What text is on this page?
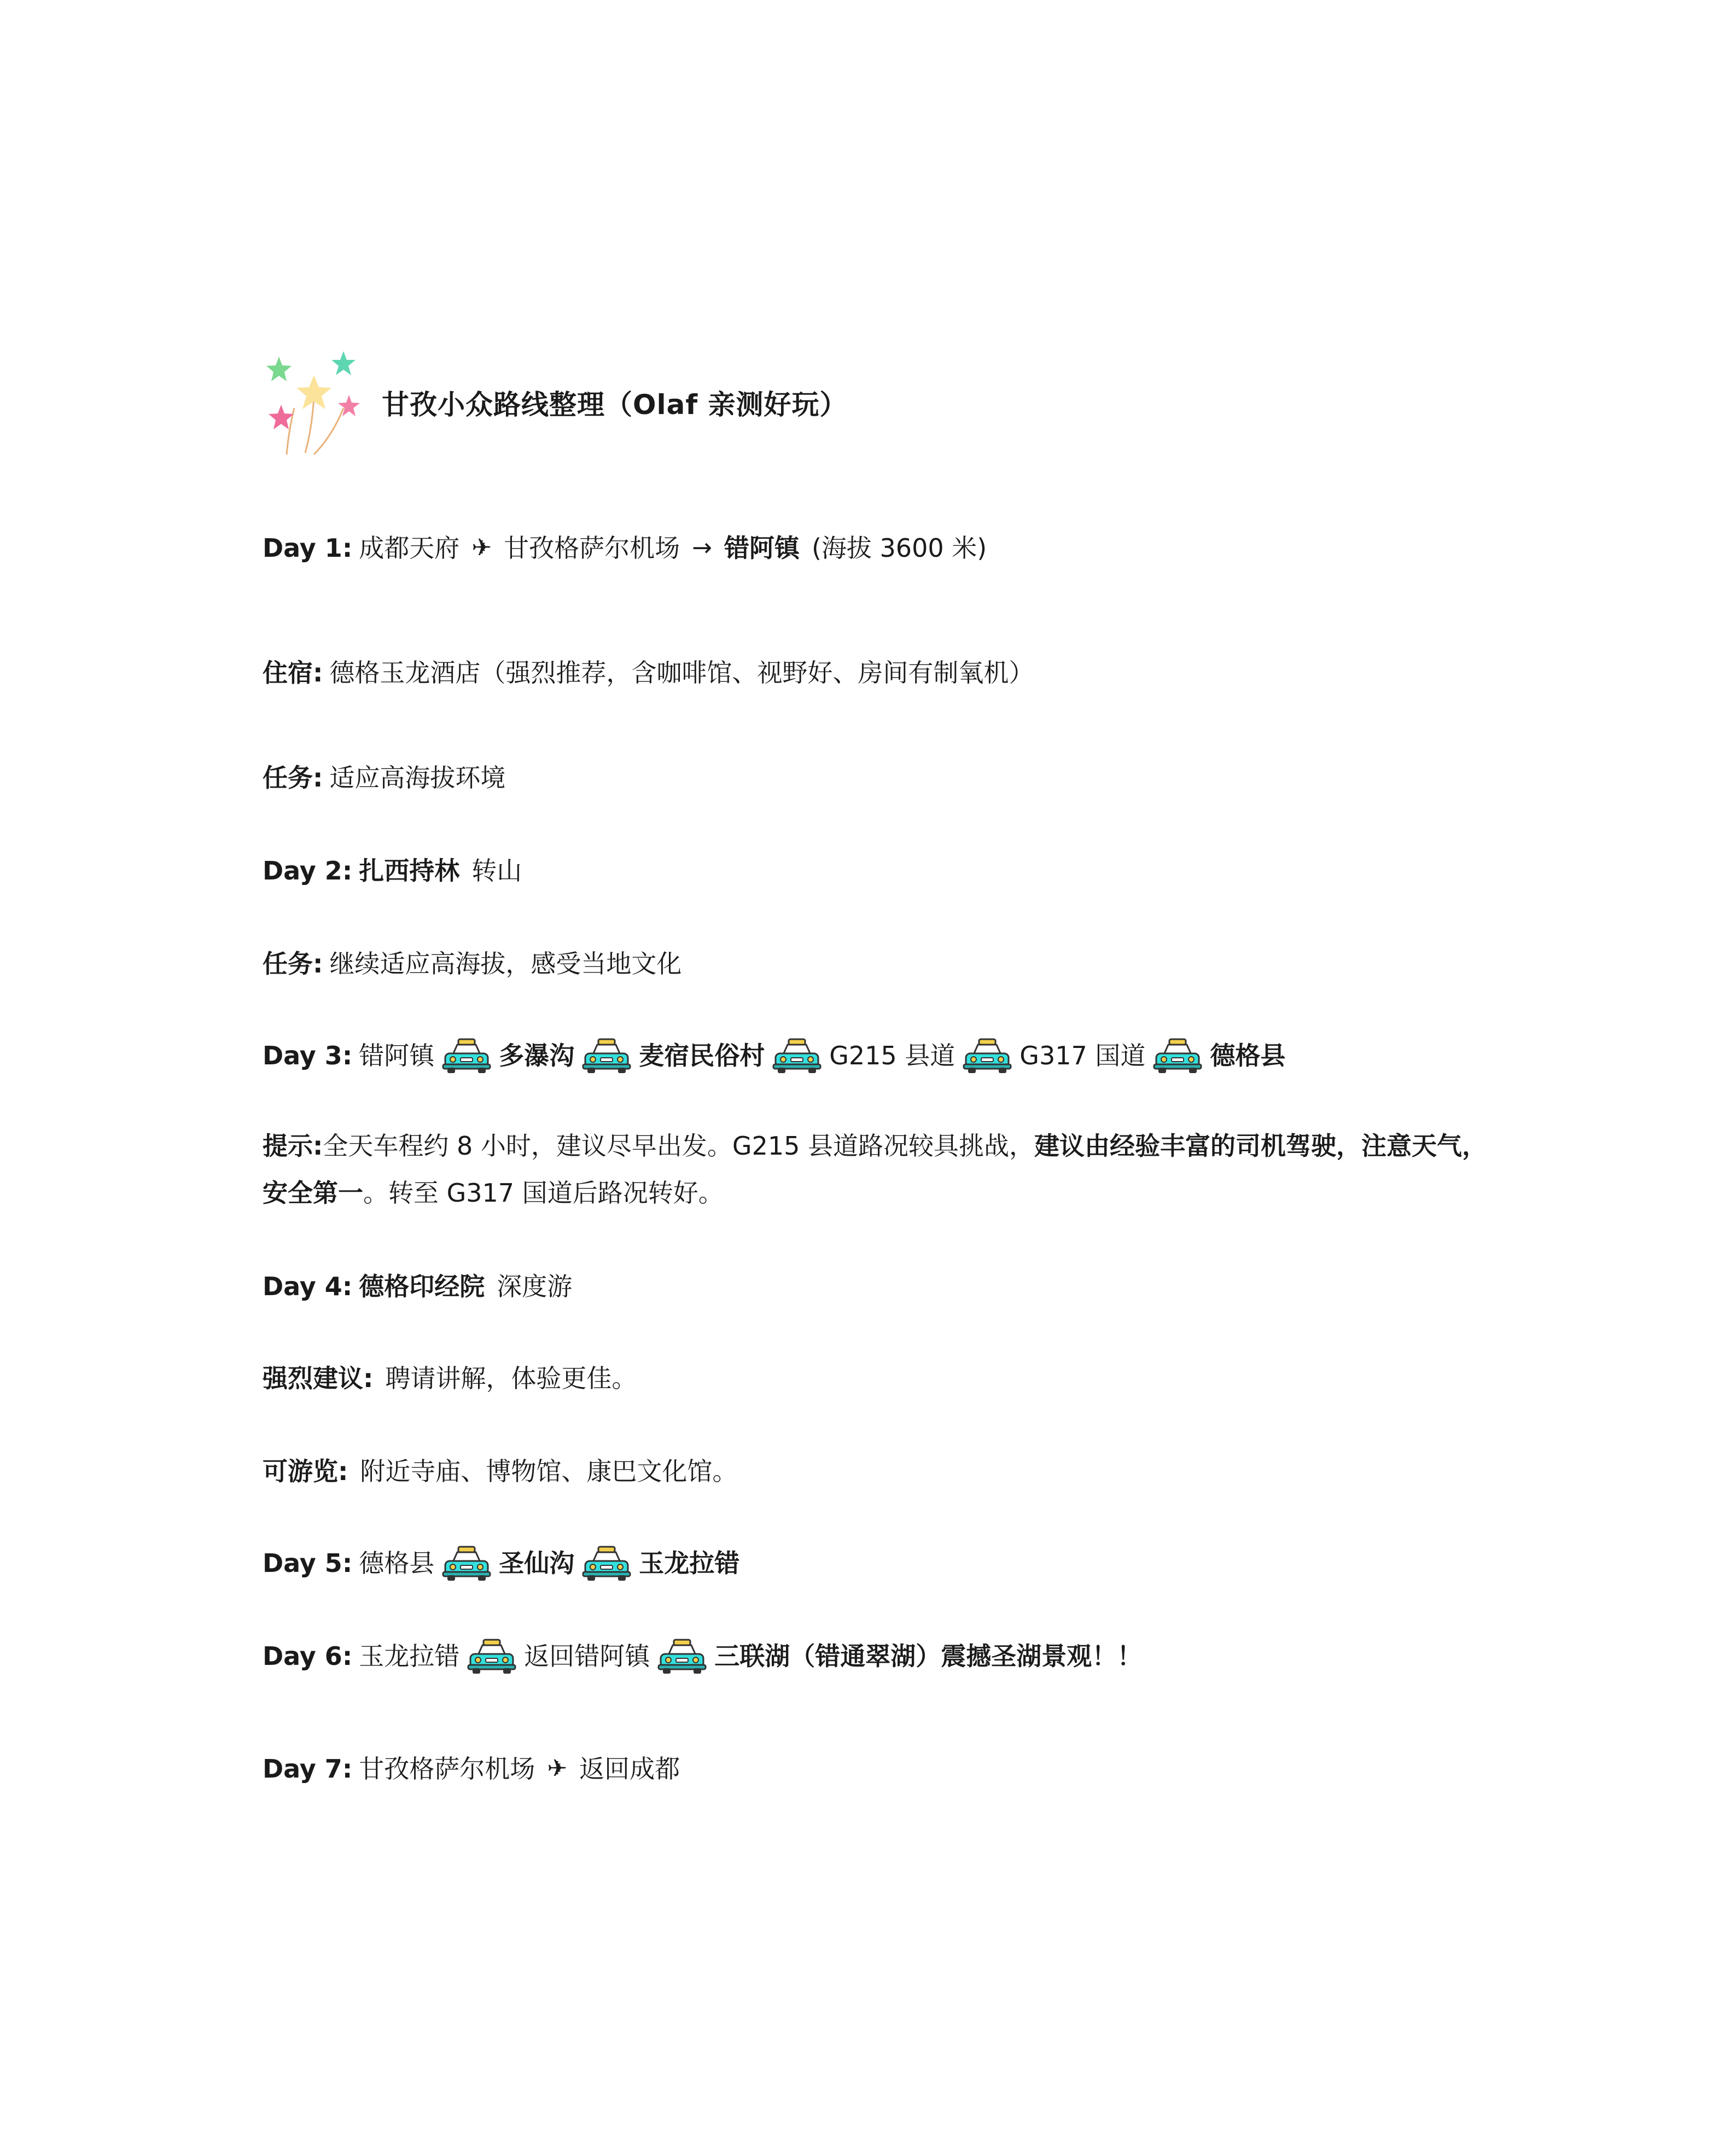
甘孜小众路线整理（Olaf 亲测好玩）
Day 1: 成都天府 ✈ 甘孜格萨尔机场 → 错阿镇 (海拔 3600 米)
住宿: 德格玉龙酒店（强烈推荐，含咖啡馆、视野好、房间有制氧机）
任务: 适应高海拔环境
Day 2: 扎西持林 转山
任务: 继续适应高海拔，感受当地文化
Day 3: 错阿镇	多瀑沟	麦宿民俗村	G215 县道	G317 国道	德格县
提示:全天车程约 8 小时，建议尽早出发。G215 县道路况较具挑战，建议由经验丰富的司机驾驶，注意天气，安全第一。转至 G317 国道后路况转好。
Day 4: 德格印经院 深度游
强烈建议: 聘请讲解，体验更佳。
可游览: 附近寺庙、博物馆、康巴文化馆。
Day 5: 德格县	圣仙沟	玉龙拉错
Day 6: 玉龙拉错	返回错阿镇	三联湖（错通翠湖）震撼圣湖景观！！
Day 7: 甘孜格萨尔机场 ✈ 返回成都
